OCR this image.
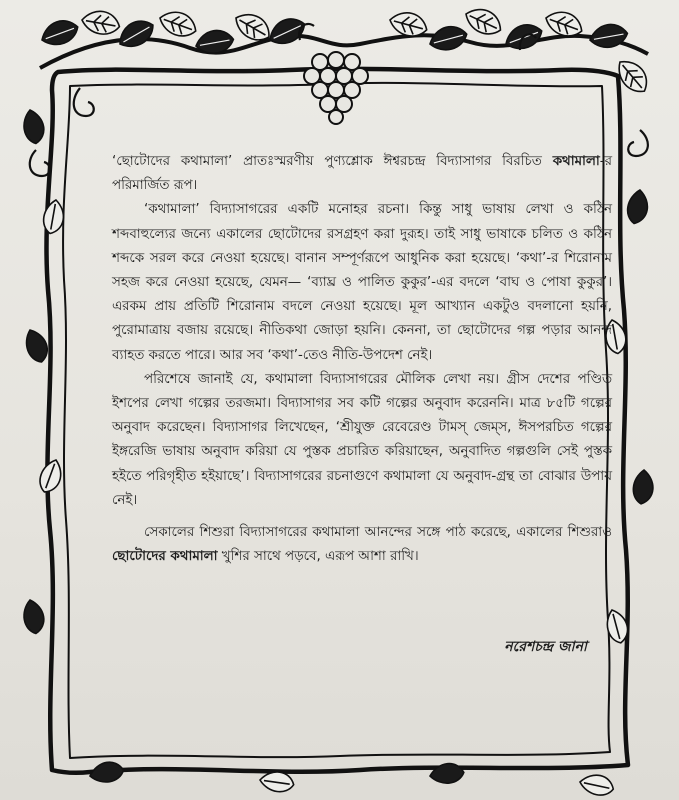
‘ছোটোদের কথামালা’ প্রাতঃস্মরণীয় পুণ্যশ্লোক ঈশ্বরচন্দ্র বিদ্যাসাগর বিরচিত কথামালা-র পরিমার্জিত রূপ।

‘কথামালা’ বিদ্যাসাগরের একটি মনোহর রচনা। কিন্তু সাধু ভাষায় লেখা ও কঠিন শব্দবাহুল্যের জন্যে একালের ছোটোদের রসগ্রহণ করা দুরূহ। তাই সাধু ভাষাকে চলিত ও কঠিন শব্দকে সরল করে নেওয়া হয়েছে। বানান সম্পূর্ণরূপে আধুনিক করা হয়েছে। ‘কথা’-র শিরোনাম সহজ করে নেওয়া হয়েছে, যেমন— ‘ব্যাঘ্র ও পালিত কুকুর’-এর বদলে ‘বাঘ ও পোষা কুকুর’। এরকম প্রায় প্রতিটি শিরোনাম বদলে নেওয়া হয়েছে। মূল আখ্যান একটুও বদলানো হয়নি, পুরোমাত্রায় বজায় রয়েছে। নীতিকথা জোড়া হয়নি। কেননা, তা ছোটোদের গল্প পড়ার আনন্দ ব্যাহত করতে পারে। আর সব ‘কথা’-তেও নীতি-উপদেশ নেই।

পরিশেষে জানাই যে, কথামালা বিদ্যাসাগরের মৌলিক লেখা নয়। গ্রীস দেশের পণ্ডিত ইশপের লেখা গল্পের তরজমা। বিদ্যাসাগর সব কটি গল্পের অনুবাদ করেননি। মাত্র ৮৫টি গল্পের অনুবাদ করেছেন। বিদ্যাসাগর লিখেছেন, ‘শ্রীযুক্ত রেবেরেণ্ড টামস্ জেম্‌স, ঈসপরচিত গল্পের ইঙ্গরেজি ভাষায় অনুবাদ করিয়া যে পুস্তক প্রচারিত করিয়াছেন, অনুবাদিত গল্পগুলি সেই পুস্তক হইতে পরিগৃহীত হইয়াছে’। বিদ্যাসাগরের রচনাগুণে কথামালা যে অনুবাদ-গ্রন্থ তা বোঝার উপায় নেই।

সেকালের শিশুরা বিদ্যাসাগরের কথামালা আনন্দের সঙ্গে পাঠ করেছে, একালের শিশুরাও ছোটোদের কথামালা খুশির সাথে পড়বে, এরূপ আশা রাখি।

নরেশচন্দ্র জানা
